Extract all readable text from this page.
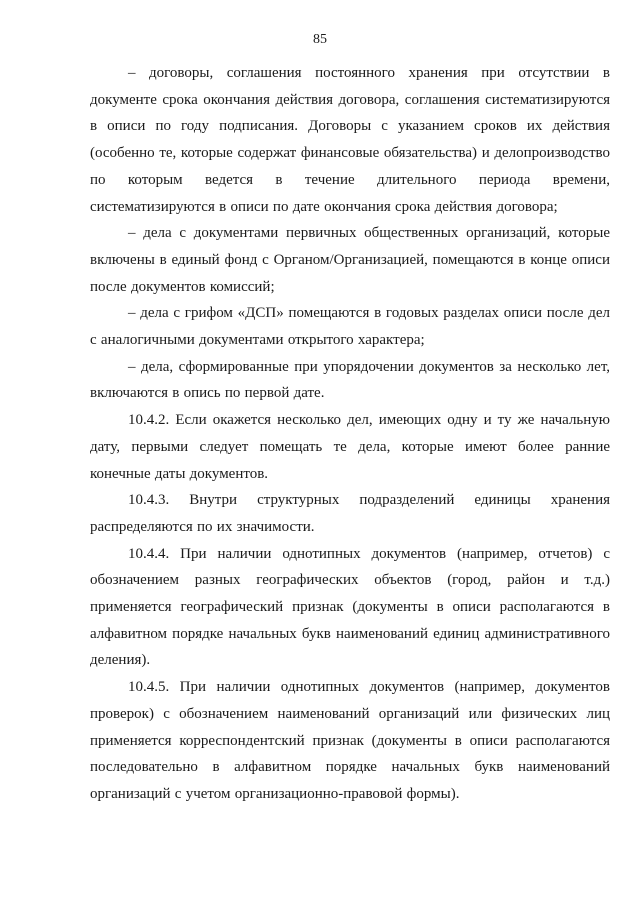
85

– договоры, соглашения постоянного хранения при отсутствии в документе срока окончания действия договора, соглашения систематизируются в описи по году подписания. Договоры с указанием сроков их действия (особенно те, которые содержат финансовые обязательства) и делопроизводство по которым ведется в течение длительного периода времени, систематизируются в описи по дате окончания срока действия договора;

– дела с документами первичных общественных организаций, которые включены в единый фонд с Органом/Организацией, помещаются в конце описи после документов комиссий;

– дела с грифом «ДСП» помещаются в годовых разделах описи после дел с аналогичными документами открытого характера;

– дела, сформированные при упорядочении документов за несколько лет, включаются в опись по первой дате.

10.4.2. Если окажется несколько дел, имеющих одну и ту же начальную дату, первыми следует помещать те дела, которые имеют более ранние конечные даты документов.

10.4.3. Внутри структурных подразделений единицы хранения распределяются по их значимости.

10.4.4. При наличии однотипных документов (например, отчетов) с обозначением разных географических объектов (город, район и т.д.) применяется географический признак (документы в описи располагаются в алфавитном порядке начальных букв наименований единиц административного деления).

10.4.5. При наличии однотипных документов (например, документов проверок) с обозначением наименований организаций или физических лиц применяется корреспондентский признак (документы в описи располагаются последовательно в алфавитном порядке начальных букв наименований организаций с учетом организационно-правовой формы).
